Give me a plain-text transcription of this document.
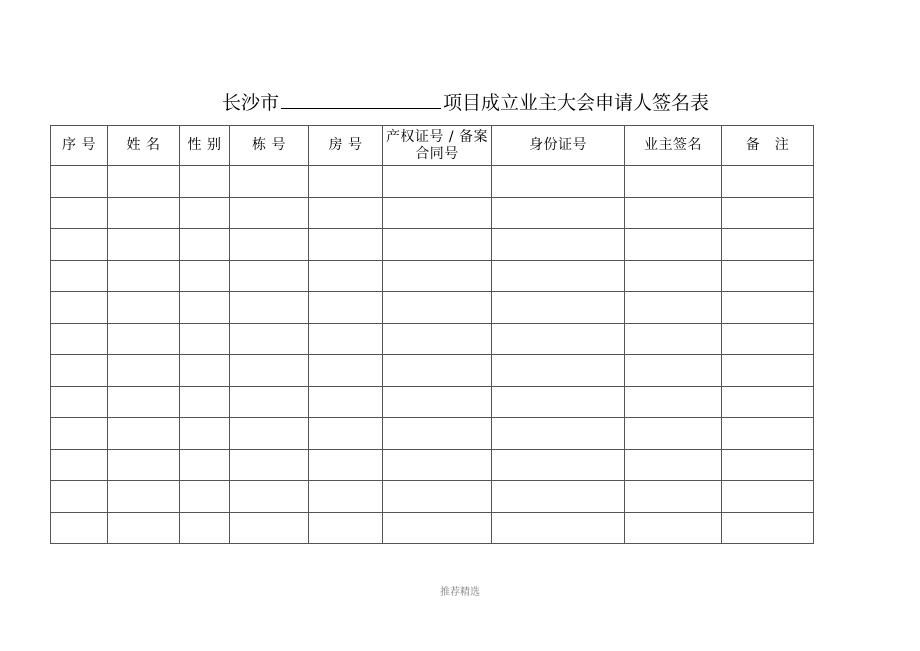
长沙市	项目成立业主大会申请人签名表
序 号	姓 名	性 别	栋 号	房 号	产权证号 / 备案合同号	身份证号	业主签名	备　注

推荐精选
